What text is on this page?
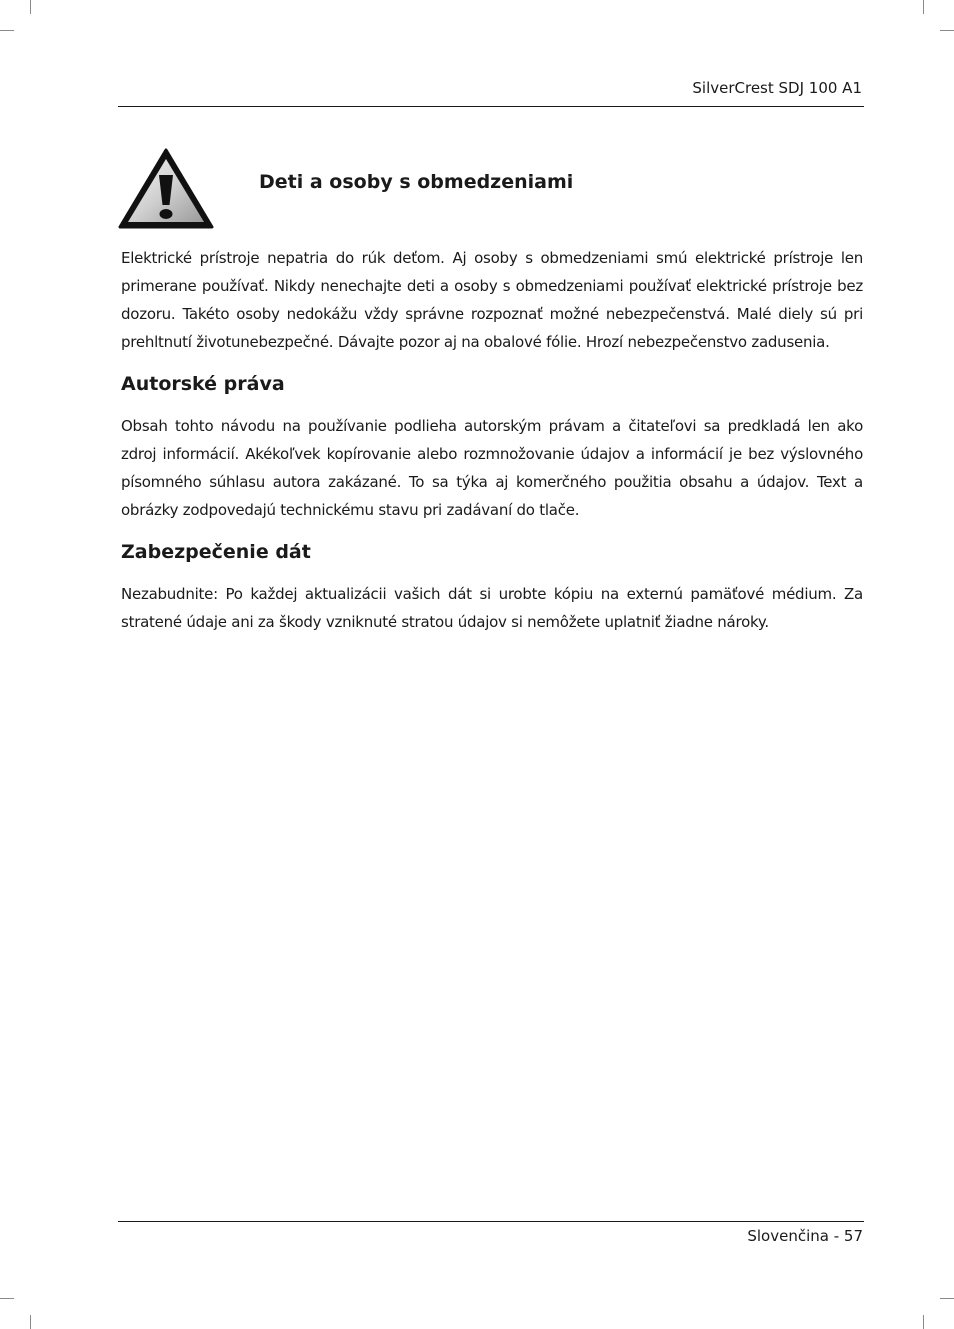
SilverCrest SDJ 100 A1
Deti a osoby s obmedzeniami

Elektrické prístroje nepatria do rúk deťom. Aj osoby s obmedzeniami smú elektrické prístroje len primerane používať. Nikdy nenechajte deti a osoby s obmedzeniami používať elektrické prístroje bez dozoru. Takéto osoby nedokážu vždy správne rozpoznať možné nebezpečenstvá. Malé diely sú pri prehltnutí životunebezpečné. Dávajte pozor aj na obalové fólie. Hrozí nebezpečenstvo zadusenia.

Autorské práva

Obsah tohto návodu na používanie podlieha autorským právam a čitateľovi sa predkladá len ako zdroj informácií. Akékoľvek kopírovanie alebo rozmnožovanie údajov a informácií je bez výslovného písomného súhlasu autora zakázané. To sa týka aj komerčného použitia obsahu a údajov. Text a obrázky zodpovedajú technickému stavu pri zadávaní do tlače.

Zabezpečenie dát

Nezabudnite: Po každej aktualizácii vašich dát si urobte kópiu na externú pamäťové médium. Za stratené údaje ani za škody vzniknuté stratou údajov si nemôžete uplatniť žiadne nároky.

Slovenčina - 57
